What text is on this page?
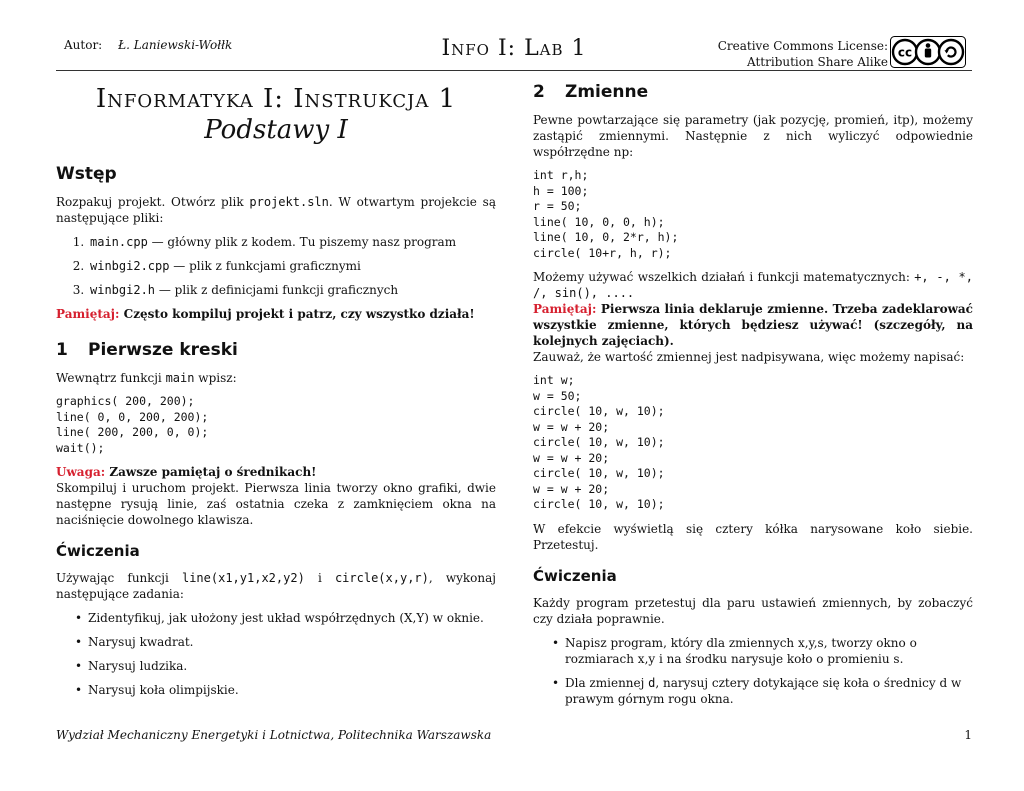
Autor: Ł. Laniewski-Wołłk	Info I: Lab 1	Creative Commons License:
Attribution Share Alike
cc
Informatyka I: Instrukcja 1
Podstawy I
Wstęp

Rozpakuj projekt. Otwórz plik projekt.sln. W otwartym projekcie są następujące pliki:

1. main.cpp — główny plik z kodem. Tu piszemy nasz program
2. winbgi2.cpp — plik z funkcjami graficznymi
3. winbgi2.h — plik z definicjami funkcji graficznych

Pamiętaj: Często kompiluj projekt i patrz, czy wszystko działa!

1 Pierwsze kreski

Wewnątrz funkcji main wpisz:

graphics( 200, 200);
line( 0, 0, 200, 200);
line( 200, 200, 0, 0);
wait();

Uwaga: Zawsze pamiętaj o średnikach!

Skompiluj i uruchom projekt. Pierwsza linia tworzy okno grafiki, dwie następne rysują linie, zaś ostatnia czeka z zamknięciem okna na naciśnięcie dowolnego klawisza.

Ćwiczenia

Używając funkcji line(x1,y1,x2,y2) i circle(x,y,r), wykonaj następujące zadania:

• Zidentyfikuj, jak ułożony jest układ współrzędnych (X,Y) w oknie.
• Narysuj kwadrat.
• Narysuj ludzika.
• Narysuj koła olimpijskie.
2 Zmienne

Pewne powtarzające się parametry (jak pozycję, promień, itp), możemy zastąpić zmiennymi. Następnie z nich wyliczyć odpowiednie współrzędne np:

int r,h;
h = 100;
r = 50;
line( 10, 0, 0, h);
line( 10, 0, 2*r, h);
circle( 10+r, h, r);

Możemy używać wszelkich działań i funkcji matematycznych: +, -, *, /, sin(), ....

Pamiętaj: Pierwsza linia deklaruje zmienne. Trzeba zadeklarować wszystkie zmienne, których będziesz używać! (szczegóły, na kolejnych zajęciach).

Zauważ, że wartość zmiennej jest nadpisywana, więc możemy napisać:

int w;
w = 50;
circle( 10, w, 10);
w = w + 20;
circle( 10, w, 10);
w = w + 20;
circle( 10, w, 10);
w = w + 20;
circle( 10, w, 10);

W efekcie wyświetlą się cztery kółka narysowane koło siebie. Przetestuj.

Ćwiczenia

Każdy program przetestuj dla paru ustawień zmiennych, by zobaczyć czy działa poprawnie.

• Napisz program, który dla zmiennych x,y,s, tworzy okno o rozmiarach x,y i na środku narysuje koło o promieniu s.
• Dla zmiennej d, narysuj cztery dotykające się koła o średnicy d w prawym górnym rogu okna.
Wydział Mechaniczny Energetyki i Lotnictwa, Politechnika Warszawska	1
